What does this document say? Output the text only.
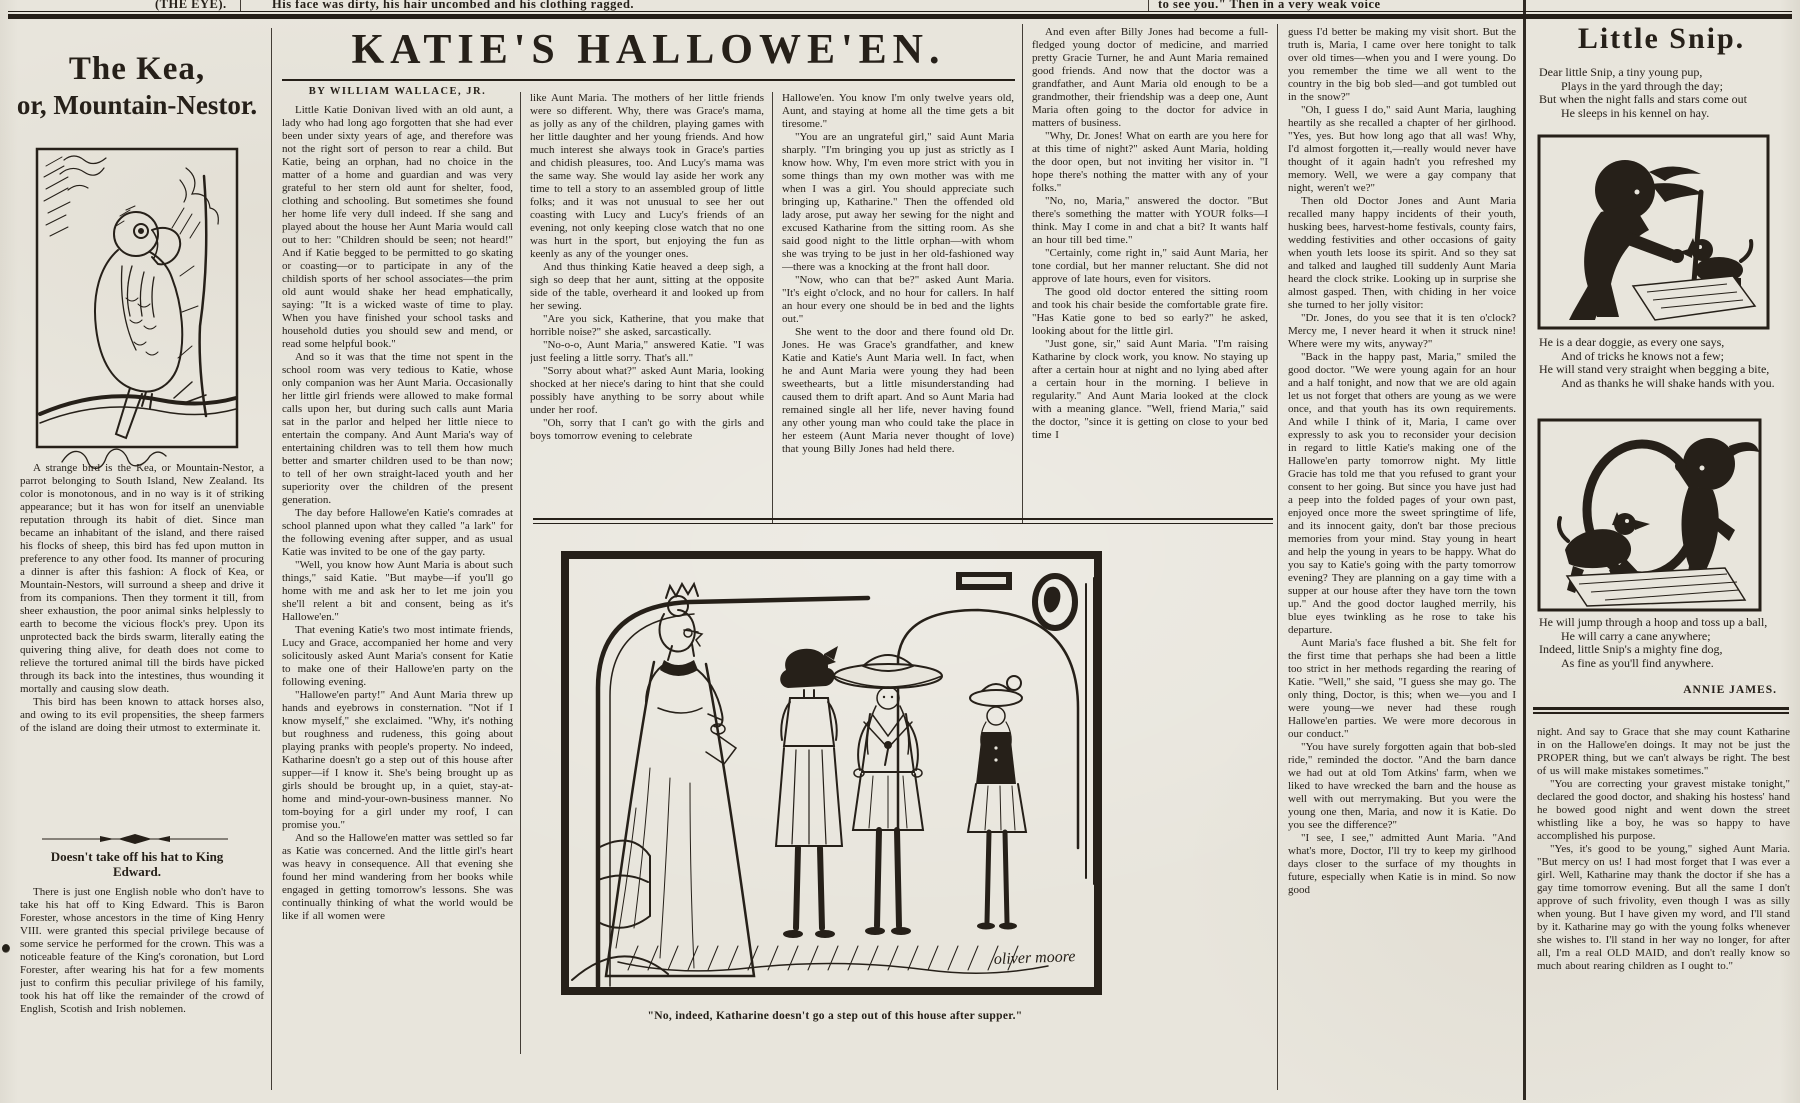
(THE EYE).	His face was dirty, his hair uncombed and his clothing ragged.	to see you." Then in a very weak voice
The Kea,
or, Mountain-Nestor.

A strange bird is the Kea, or Mountain-Nestor, a parrot belonging to South Island, New Zealand. Its color is monotonous, and in no way is it of striking appearance; but it has won for itself an unenviable reputation through its habit of diet. Since man became an inhabitant of the island, and there raised his flocks of sheep, this bird has fed upon mutton in preference to any other food. Its manner of procuring a dinner is after this fashion: A flock of Kea, or Mountain-Nestors, will surround a sheep and drive it from its companions. Then they torment it till, from sheer exhaustion, the poor animal sinks helplessly to earth to become the vicious flock's prey. Upon its unprotected back the birds swarm, literally eating the quivering thing alive, for death does not come to relieve the tortured animal till the birds have picked through its back into the intestines, thus wounding it mortally and causing slow death.

This bird has been known to attack horses also, and owing to its evil propensities, the sheep farmers of the island are doing their utmost to exterminate it.

Doesn't take off his hat to King
Edward.

There is just one English noble who don't have to take his hat off to King Edward. This is Baron Forester, whose ancestors in the time of King Henry VIII. were granted this special privilege because of some service he performed for the crown. This was a noticeable feature of the King's coronation, but Lord Forester, after wearing his hat for a few moments just to confirm this peculiar privilege of his family, took his hat off like the remainder of the crowd of English, Scotish and Irish noblemen.

KATIE'S HALLOWE'EN.
BY WILLIAM WALLACE, JR.

Little Katie Donivan lived with an old aunt, a lady who had long ago forgotten that she had ever been under sixty years of age, and therefore was not the right sort of person to rear a child. But Katie, being an orphan, had no choice in the matter of a home and guardian and was very grateful to her stern old aunt for shelter, food, clothing and schooling. But sometimes she found her home life very dull indeed. If she sang and played about the house her Aunt Maria would call out to her: "Children should be seen; not heard!" And if Katie begged to be permitted to go skating or coasting—or to participate in any of the childish sports of her school associates—the prim old aunt would shake her head emphatically, saying: "It is a wicked waste of time to play. When you have finished your school tasks and household duties you should sew and mend, or read some helpful book."

And so it was that the time not spent in the school room was very tedious to Katie, whose only companion was her Aunt Maria. Occasionally her little girl friends were allowed to make formal calls upon her, but during such calls aunt Maria sat in the parlor and helped her little niece to entertain the company. And Aunt Maria's way of entertaining children was to tell them how much better and smarter children used to be than now; to tell of her own straight-laced youth and her superiority over the children of the present generation.

The day before Hallowe'en Katie's comrades at school planned upon what they called "a lark" for the following evening after supper, and as usual Katie was invited to be one of the gay party.

"Well, you know how Aunt Maria is about such things," said Katie. "But maybe—if you'll go home with me and ask her to let me join you she'll relent a bit and consent, being as it's Hallowe'en."

That evening Katie's two most intimate friends, Lucy and Grace, accompanied her home and very solicitously asked Aunt Maria's consent for Katie to make one of their Hallowe'en party on the following evening.

"Hallowe'en party!" And Aunt Maria threw up hands and eyebrows in consternation. "Not if I know myself," she exclaimed. "Why, it's nothing but roughness and rudeness, this going about playing pranks with people's property. No indeed, Katharine doesn't go a step out of this house after supper—if I know it. She's being brought up as girls should be brought up, in a quiet, stay-at-home and mind-your-own-business manner. No tom-boying for a girl under my roof, I can promise you."

And so the Hallowe'en matter was settled so far as Katie was concerned. And the little girl's heart was heavy in consequence. All that evening she found her mind wandering from her books while engaged in getting tomorrow's lessons. She was continually thinking of what the world would be like if all women were

like Aunt Maria. The mothers of her little friends were so different. Why, there was Grace's mama, as jolly as any of the children, playing games with her little daughter and her young friends. And how much interest she always took in Grace's parties and chidish pleasures, too. And Lucy's mama was the same way. She would lay aside her work any time to tell a story to an assembled group of little folks; and it was not unusual to see her out coasting with Lucy and Lucy's friends of an evening, not only keeping close watch that no one was hurt in the sport, but enjoying the fun as keenly as any of the younger ones.

And thus thinking Katie heaved a deep sigh, a sigh so deep that her aunt, sitting at the opposite side of the table, overheard it and looked up from her sewing.

"Are you sick, Katherine, that you make that horrible noise?" she asked, sarcastically.

"No-o-o, Aunt Maria," answered Katie. "I was just feeling a little sorry. That's all."

"Sorry about what?" asked Aunt Maria, looking shocked at her niece's daring to hint that she could possibly have anything to be sorry about while under her roof.

"Oh, sorry that I can't go with the girls and boys tomorrow evening to celebrate

Hallowe'en. You know I'm only twelve years old, Aunt, and staying at home all the time gets a bit tiresome."

"You are an ungrateful girl," said Aunt Maria sharply. "I'm bringing you up just as strictly as I know how. Why, I'm even more strict with you in some things than my own mother was with me when I was a girl. You should appreciate such bringing up, Katharine." Then the offended old lady arose, put away her sewing for the night and excused Katharine from the sitting room. As she said good night to the little orphan—with whom she was trying to be just in her old-fashioned way—there was a knocking at the front hall door.

"Now, who can that be?" asked Aunt Maria. "It's eight o'clock, and no hour for callers. In half an hour every one should be in bed and the lights out."

She went to the door and there found old Dr. Jones. He was Grace's grandfather, and knew Katie and Katie's Aunt Maria well. In fact, when he and Aunt Maria were young they had been sweethearts, but a little misunderstanding had caused them to drift apart. And so Aunt Maria had remained single all her life, never having found any other young man who could take the place in her esteem (Aunt Maria never thought of love) that young Billy Jones had held there.

And even after Billy Jones had become a full-fledged young doctor of medicine, and married pretty Gracie Turner, he and Aunt Maria remained good friends. And now that the doctor was a grandfather, and Aunt Maria old enough to be a grandmother, their friendship was a deep one, Aunt Maria often going to the doctor for advice in matters of business.

"Why, Dr. Jones! What on earth are you here for at this time of night?" asked Aunt Maria, holding the door open, but not inviting her visitor in. "I hope there's nothing the matter with any of your folks."

"No, no, Maria," answered the doctor. "But there's something the matter with YOUR folks—I think. May I come in and chat a bit? It wants half an hour till bed time."

"Certainly, come right in," said Aunt Maria, her tone cordial, but her manner reluctant. She did not approve of late hours, even for visitors.

The good old doctor entered the sitting room and took his chair beside the comfortable grate fire. "Has Katie gone to bed so early?" he asked, looking about for the little girl.

"Just gone, sir," said Aunt Maria. "I'm raising Katharine by clock work, you know. No staying up after a certain hour at night and no lying abed after a certain hour in the morning. I believe in regularity." And Aunt Maria looked at the clock with a meaning glance. "Well, friend Maria," said the doctor, "since it is getting on close to your bed time I

guess I'd better be making my visit short. But the truth is, Maria, I came over here tonight to talk over old times—when you and I were young. Do you remember the time we all went to the country in the big bob sled—and got tumbled out in the snow?"

"Oh, I guess I do," said Aunt Maria, laughing heartily as she recalled a chapter of her girlhood. "Yes, yes. But how long ago that all was! Why, I'd almost forgotten it,—really would never have thought of it again hadn't you refreshed my memory. Well, we were a gay company that night, weren't we?"

Then old Doctor Jones and Aunt Maria recalled many happy incidents of their youth, husking bees, harvest-home festivals, county fairs, wedding festivities and other occasions of gaity when youth lets loose its spirit. And so they sat and talked and laughed till suddenly Aunt Maria heard the clock strike. Looking up in surprise she almost gasped. Then, with chiding in her voice she turned to her jolly visitor:

"Dr. Jones, do you see that it is ten o'clock? Mercy me, I never heard it when it struck nine! Where were my wits, anyway?"

"Back in the happy past, Maria," smiled the good doctor. "We were young again for an hour and a half tonight, and now that we are old again let us not forget that others are young as we were once, and that youth has its own requirements. And while I think of it, Maria, I came over expressly to ask you to reconsider your decision in regard to little Katie's making one of the Hallowe'en party tomorrow night. My little Gracie has told me that you refused to grant your consent to her going. But since you have just had a peep into the folded pages of your own past, enjoyed once more the sweet springtime of life, and its innocent gaity, don't bar those precious memories from your mind. Stay young in heart and help the young in years to be happy. What do you say to Katie's going with the party tomorrow evening? They are planning on a gay time with a supper at our house after they have torn the town up." And the good doctor laughed merrily, his blue eyes twinkling as he rose to take his departure.

Aunt Maria's face flushed a bit. She felt for the first time that perhaps she had been a little too strict in her methods regarding the rearing of Katie. "Well," she said, "I guess she may go. The only thing, Doctor, is this; when we—you and I were young—we never had these rough Hallowe'en parties. We were more decorous in our conduct."

"You have surely forgotten again that bob-sled ride," reminded the doctor. "And the barn dance we had out at old Tom Atkins' farm, when we liked to have wrecked the barn and the house as well with out merrymaking. But you were the young one then, Maria, and now it is Katie. Do you see the difference?"

"I see, I see," admitted Aunt Maria. "And what's more, Doctor, I'll try to keep my girlhood days closer to the surface of my thoughts in future, especially when Katie is in mind. So now good

oliver moore
"No, indeed, Katharine doesn't go a step out of this house after supper."
Little Snip.

Dear little Snip, a tiny young pup,

Plays in the yard through the day;

But when the night falls and stars come out

He sleeps in his kennel on hay.

He is a dear doggie, as every one says,

And of tricks he knows not a few;

He will stand very straight when begging a bite,

And as thanks he will shake hands with you.

He will jump through a hoop and toss up a ball,

He will carry a cane anywhere;

Indeed, little Snip's a mighty fine dog,

As fine as you'll find anywhere.

ANNIE JAMES.

night. And say to Grace that she may count Katharine in on the Hallowe'en doings. It may not be just the PROPER thing, but we can't always be right. The best of us will make mistakes sometimes."

"You are correcting your gravest mistake tonight," declared the good doctor, and shaking his hostess' hand he bowed good night and went down the street whistling like a boy, he was so happy to have accomplished his purpose.

"Yes, it's good to be young," sighed Aunt Maria. "But mercy on us! I had most forget that I was ever a girl. Well, Katharine may thank the doctor if she has a gay time tomorrow evening. But all the same I don't approve of such frivolity, even though I was as silly when young. But I have given my word, and I'll stand by it. Katharine may go with the young folks whenever she wishes to. I'll stand in her way no longer, for after all, I'm a real OLD MAID, and don't really know so much about rearing children as I ought to."
